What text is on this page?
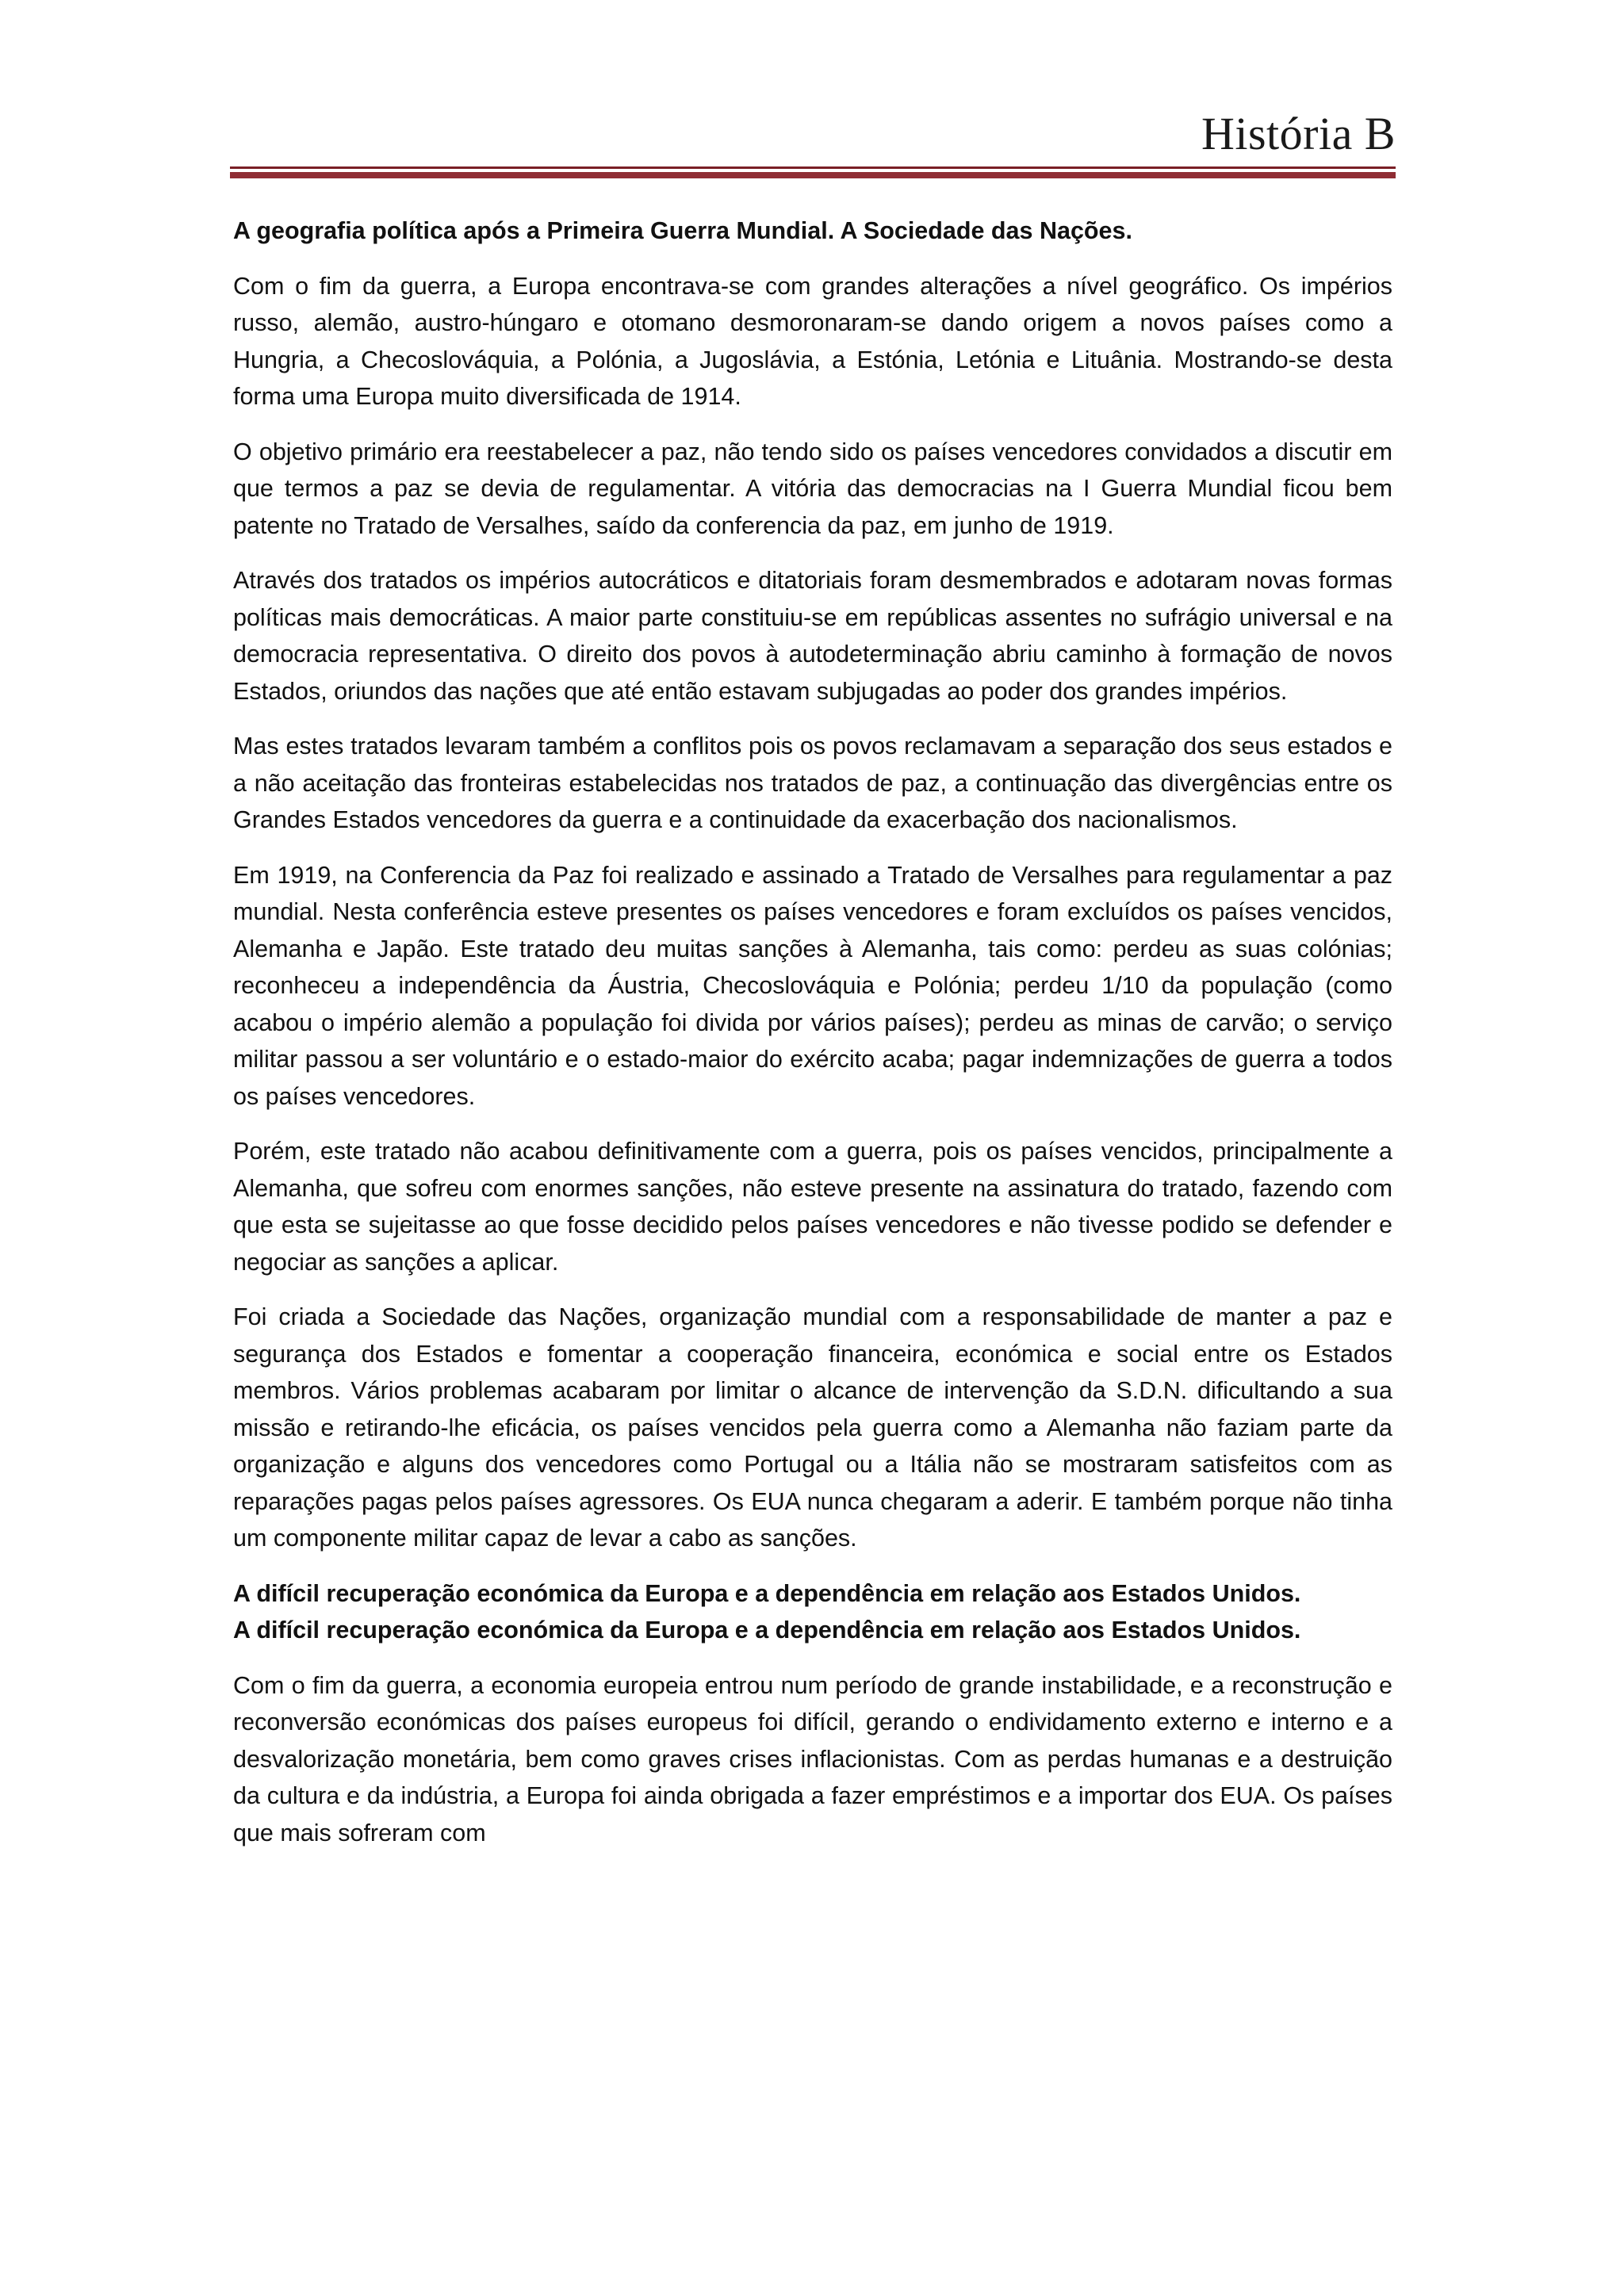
História B
A geografia política após a Primeira Guerra Mundial. A Sociedade das Nações.

Com o fim da guerra, a Europa encontrava-se com grandes alterações a nível geográfico. Os impérios russo, alemão, austro-húngaro e otomano desmoronaram-se dando origem a novos países como a Hungria, a Checoslováquia, a Polónia, a Jugoslávia, a Estónia, Letónia e Lituânia. Mostrando-se desta forma uma Europa muito diversificada de 1914.

O objetivo primário era reestabelecer a paz, não tendo sido os países vencedores convidados a discutir em que termos a paz se devia de regulamentar. A vitória das democracias na I Guerra Mundial ficou bem patente no Tratado de Versalhes, saído da conferencia da paz, em junho de 1919.

Através dos tratados os impérios autocráticos e ditatoriais foram desmembrados e adotaram novas formas políticas mais democráticas. A maior parte constituiu-se em repúblicas assentes no sufrágio universal e na democracia representativa. O direito dos povos à autodeterminação abriu caminho à formação de novos Estados, oriundos das nações que até então estavam subjugadas ao poder dos grandes impérios.

Mas estes tratados levaram também a conflitos pois os povos reclamavam a separação dos seus estados e a não aceitação das fronteiras estabelecidas nos tratados de paz, a continuação das divergências entre os Grandes Estados vencedores da guerra e a continuidade da exacerbação dos nacionalismos.

Em 1919, na Conferencia da Paz foi realizado e assinado a Tratado de Versalhes para regulamentar a paz mundial. Nesta conferência esteve presentes os países vencedores e foram excluídos os países vencidos, Alemanha e Japão. Este tratado deu muitas sanções à Alemanha, tais como: perdeu as suas colónias; reconheceu a independência da Áustria, Checoslováquia e Polónia; perdeu 1/10 da população (como acabou o império alemão a população foi divida por vários países); perdeu as minas de carvão; o serviço militar passou a ser voluntário e o estado-maior do exército acaba; pagar indemnizações de guerra a todos os países vencedores.

Porém, este tratado não acabou definitivamente com a guerra, pois os países vencidos, principalmente a Alemanha, que sofreu com enormes sanções, não esteve presente na assinatura do tratado, fazendo com que esta se sujeitasse ao que fosse decidido pelos países vencedores e não tivesse podido se defender e negociar as sanções a aplicar.

Foi criada a Sociedade das Nações, organização mundial com a responsabilidade de manter a paz e segurança dos Estados e fomentar a cooperação financeira, económica e social entre os Estados membros. Vários problemas acabaram por limitar o alcance de intervenção da S.D.N. dificultando a sua missão e retirando-lhe eficácia, os países vencidos pela guerra como a Alemanha não faziam parte da organização e alguns dos vencedores como Portugal ou a Itália não se mostraram satisfeitos com as reparações pagas pelos países agressores. Os EUA nunca chegaram a aderir. E também porque não tinha um componente militar capaz de levar a cabo as sanções.

A difícil recuperação económica da Europa e a dependência em relação aos Estados Unidos.
A difícil recuperação económica da Europa e a dependência em relação aos Estados Unidos.

Com o fim da guerra, a economia europeia entrou num período de grande instabilidade, e a reconstrução e reconversão económicas dos países europeus foi difícil, gerando o endividamento externo e interno e a desvalorização monetária, bem como graves crises inflacionistas. Com as perdas humanas e a destruição da cultura e da indústria, a Europa foi ainda obrigada a fazer empréstimos e a importar dos EUA. Os países que mais sofreram com
